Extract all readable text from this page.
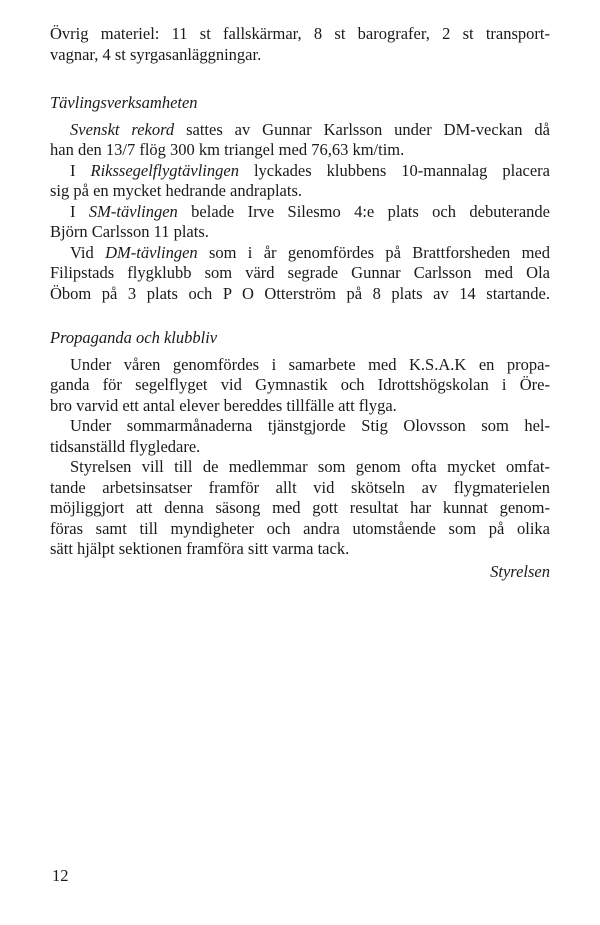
Övrig materiel: 11 st fallskärmar, 8 st barografer, 2 st transport-
vagnar, 4 st syrgasanläggningar.
Tävlingsverksamheten
Svenskt rekord sattes av Gunnar Karlsson under DM-veckan då
han den 13/7 flög 300 km triangel med 76,63 km/tim.
I Rikssegelflygtävlingen lyckades klubbens 10-mannalag placera
sig på en mycket hedrande andraplats.
I SM-tävlingen belade Irve Silesmo 4:e plats och debuterande
Björn Carlsson 11 plats.
Vid DM-tävlingen som i år genomfördes på Brattforsheden med
Filipstads flygklubb som värd segrade Gunnar Carlsson med Ola
Öbom på 3 plats och P O Otterström på 8 plats av 14 startande.
Propaganda och klubbliv
Under våren genomfördes i samarbete med K.S.A.K en propa-
ganda för segelflyget vid Gymnastik och Idrottshögskolan i Öre-
bro varvid ett antal elever bereddes tillfälle att flyga.
Under sommarmånaderna tjänstgjorde Stig Olovsson som hel-
tidsanställd flygledare.
Styrelsen vill till de medlemmar som genom ofta mycket omfat-
tande arbetsinsatser framför allt vid skötseln av flygmaterielen
möjliggjort att denna säsong med gott resultat har kunnat genom-
föras samt till myndigheter och andra utomstående som på olika
sätt hjälpt sektionen framföra sitt varma tack.
Styrelsen
12
